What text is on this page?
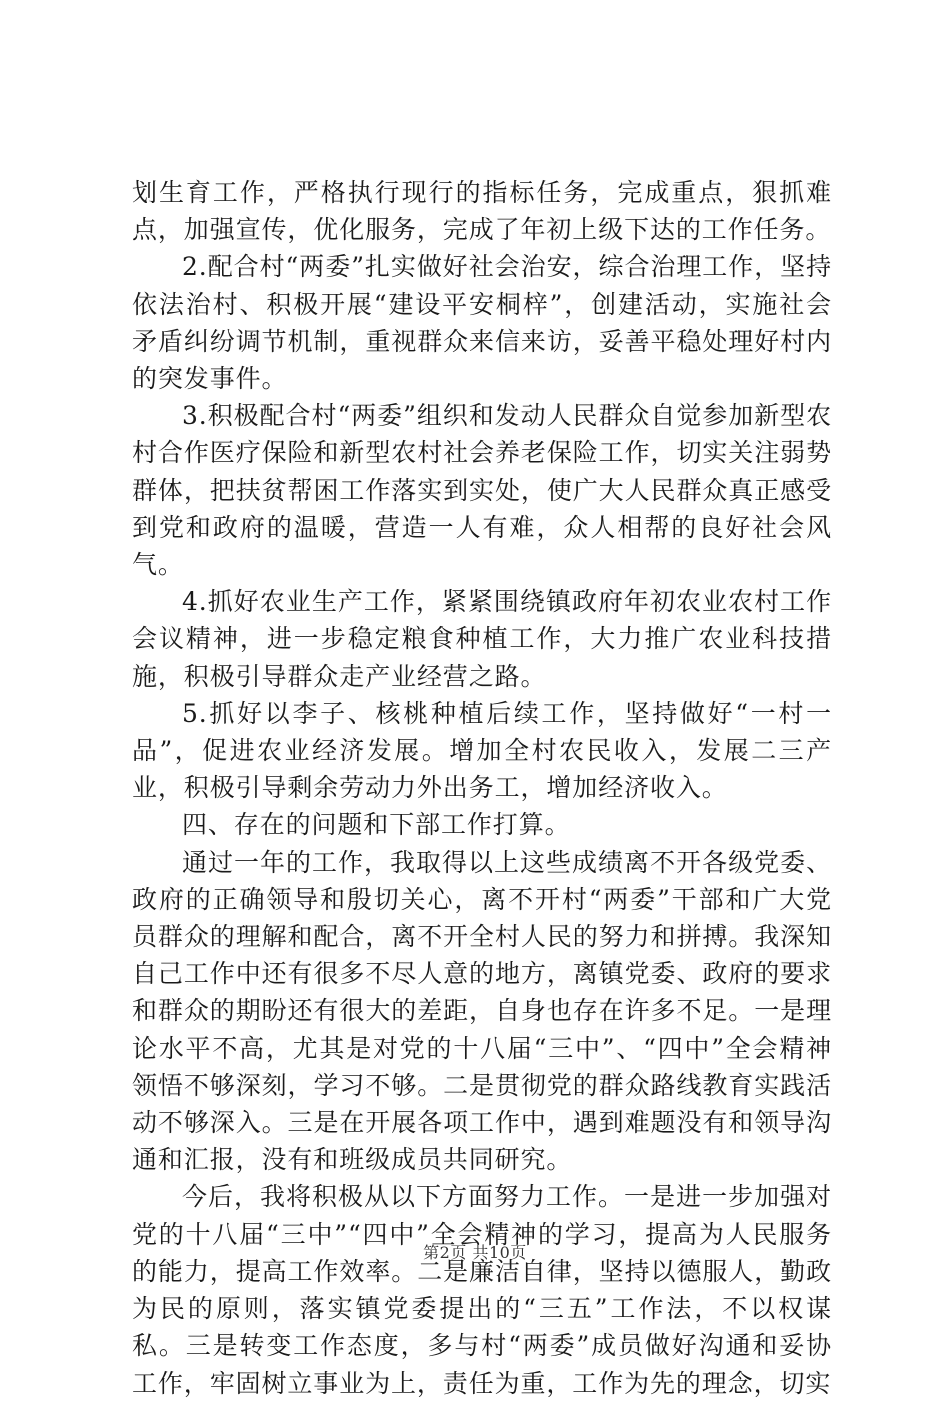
划生育工作，严格执行现行的指标任务，完成重点，狠抓难点，加强宣传，优化服务，完成了年初上级下达的工作任务。

2.配合村“两委”扎实做好社会治安，综合治理工作，坚持依法治村、积极开展“建设平安桐梓”，创建活动，实施社会矛盾纠纷调节机制，重视群众来信来访，妥善平稳处理好村内的突发事件。

3.积极配合村“两委”组织和发动人民群众自觉参加新型农村合作医疗保险和新型农村社会养老保险工作，切实关注弱势群体，把扶贫帮困工作落实到实处，使广大人民群众真正感受到党和政府的温暖，营造一人有难，众人相帮的良好社会风气。

4.抓好农业生产工作，紧紧围绕镇政府年初农业农村工作会议精神，进一步稳定粮食种植工作，大力推广农业科技措施，积极引导群众走产业经营之路。

5.抓好以李子、核桃种植后续工作，坚持做好“一村一品”，促进农业经济发展。增加全村农民收入，发展二三产业，积极引导剩余劳动力外出务工，增加经济收入。

四、存在的问题和下部工作打算。

通过一年的工作，我取得以上这些成绩离不开各级党委、政府的正确领导和殷切关心，离不开村“两委”干部和广大党员群众的理解和配合，离不开全村人民的努力和拼搏。我深知自己工作中还有很多不尽人意的地方，离镇党委、政府的要求和群众的期盼还有很大的差距，自身也存在许多不足。一是理论水平不高，尤其是对党的十八届“三中”、“四中”全会精神领悟不够深刻，学习不够。二是贯彻党的群众路线教育实践活动不够深入。三是在开展各项工作中，遇到难题没有和领导沟通和汇报，没有和班级成员共同研究。

今后，我将积极从以下方面努力工作。一是进一步加强对党的十八届“三中”“四中”全会精神的学习，提高为人民服务的能力，提高工作效率。二是廉洁自律，坚持以德服人，勤政为民的原则，落实镇党委提出的“三五”工作法，不以权谋私。三是转变工作态度，多与村“两委”成员做好沟通和妥协工作，牢固树立事业为上，责任为重，工作为先的理念，切实

第2页 共10页
